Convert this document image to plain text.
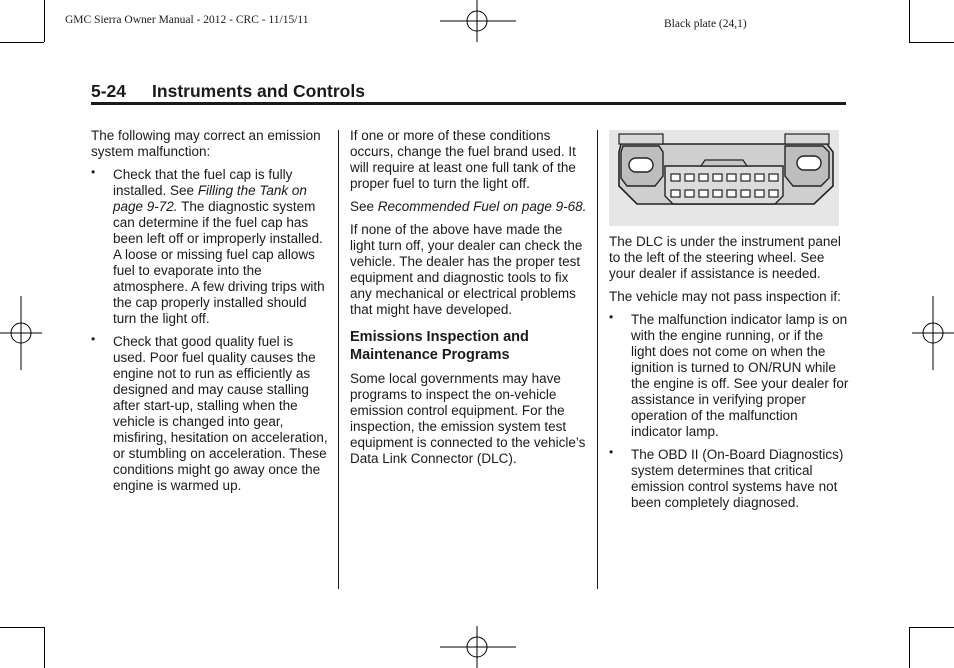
GMC Sierra Owner Manual - 2012 - CRC - 11/15/11	Black plate (24,1)
5-24 Instruments and Controls

The following may correct an emission system malfunction:

• Check that the fuel cap is fully installed. See Filling the Tank on page 9-72. The diagnostic system can determine if the fuel cap has been left off or improperly installed. A loose or missing fuel cap allows fuel to evaporate into the atmosphere. A few driving trips with the cap properly installed should turn the light off.
• Check that good quality fuel is used. Poor fuel quality causes the engine not to run as efficiently as designed and may cause stalling after start-up, stalling when the vehicle is changed into gear, misfiring, hesitation on acceleration, or stumbling on acceleration. These conditions might go away once the engine is warmed up.

If one or more of these conditions occurs, change the fuel brand used. It will require at least one full tank of the proper fuel to turn the light off.

See Recommended Fuel on page 9-68.

If none of the above have made the light turn off, your dealer can check the vehicle. The dealer has the proper test equipment and diagnostic tools to fix any mechanical or electrical problems that might have developed.

Emissions Inspection and Maintenance Programs

Some local governments may have programs to inspect the on-vehicle emission control equipment. For the inspection, the emission system test equipment is connected to the vehicle’s Data Link Connector (DLC).

The DLC is under the instrument panel to the left of the steering wheel. See your dealer if assistance is needed.

The vehicle may not pass inspection if:

• The malfunction indicator lamp is on with the engine running, or if the light does not come on when the ignition is turned to ON/RUN while the engine is off. See your dealer for assistance in verifying proper operation of the malfunction indicator lamp.
• The OBD II (On-Board Diagnostics) system determines that critical emission control systems have not been completely diagnosed.
